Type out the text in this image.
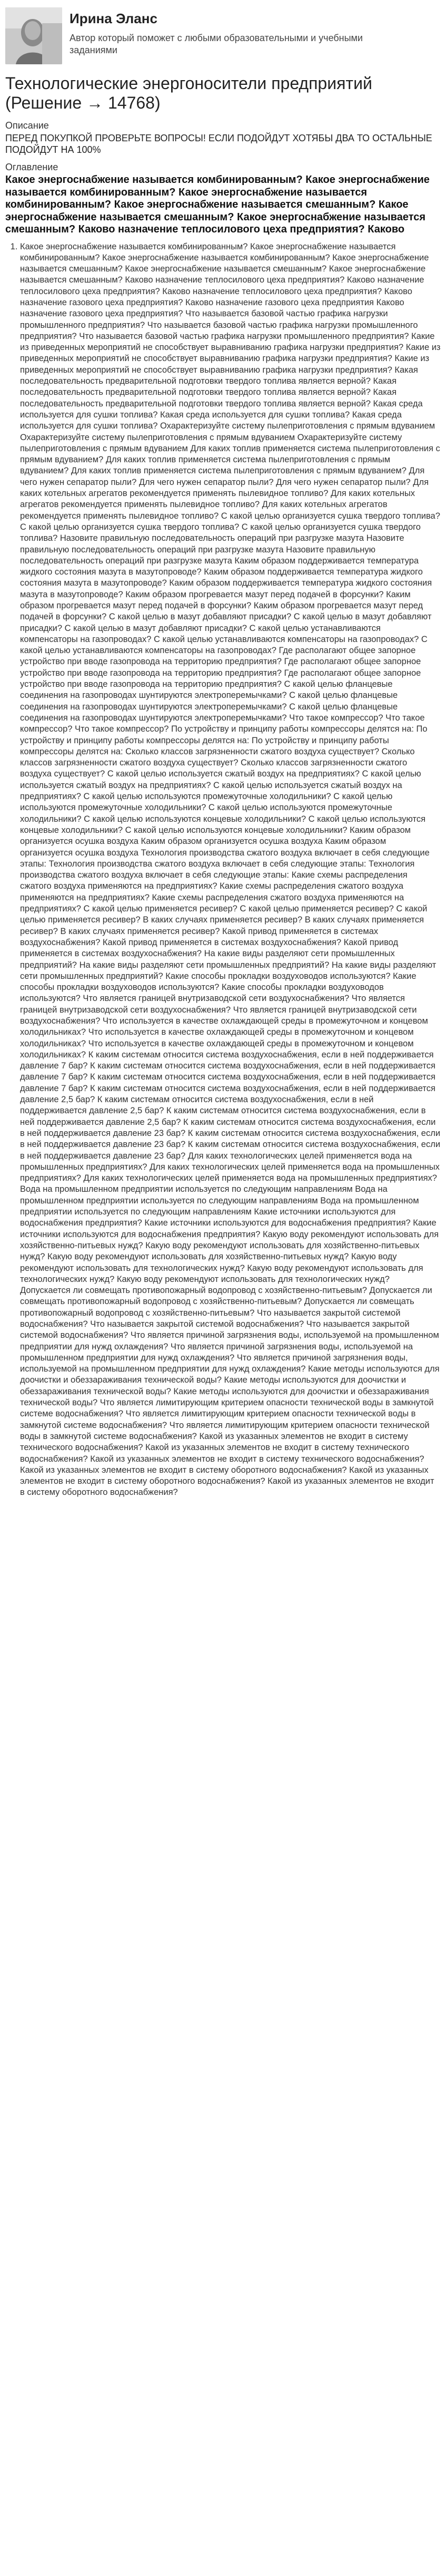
Ирина Эланс
Автор который поможет с любыми образовательными и учебными заданиями
Технологические энергоносители предприятий (Решение → 14768)
Описание
ПЕРЕД ПОКУПКОЙ ПРОВЕРЬТЕ ВОПРОСЫ! ЕСЛИ ПОДОЙДУТ ХОТЯБЫ ДВА ТО ОСТАЛЬНЫЕ ПОДОЙДУТ НА 100%
Оглавление
Какое энергоснабжение называется комбинированным? Какое энергоснабжение называется комбинированным? Какое энергоснабжение называется комбинированным? Какое энергоснабжение называется смешанным? Какое энергоснабжение называется смешанным? Какое энергоснабжение называется смешанным? Каково назначение теплосилового цеха предприятия? Каково
1. Какое энергоснабжение называется комбинированным? Какое энергоснабжение называется комбинированным? Какое энергоснабжение называется комбинированным? Какое энергоснабжение называется смешанным? Какое энергоснабжение называется смешанным? Какое энергоснабжение называется смешанным? Каково назначение теплосилового цеха предприятия? Каково назначение теплосилового цеха предприятия? Каково назначение теплосилового цеха предприятия? Каково назначение газового цеха предприятия? Каково назначение газового цеха предприятия Каково назначение газового цеха предприятия? Что называется базовой частью графика нагрузки промышленного предприятия? Что называется базовой частью графика нагрузки промышленного предприятия? Что называется базовой частью графика нагрузки промышленного предприятия? Какие из приведенных мероприятий не способствует выравниванию графика нагрузки предприятия? Какие из приведенных мероприятий не способствует выравниванию графика нагрузки предприятия? Какие из приведенных мероприятий не способствует выравниванию графика нагрузки предприятия? Какая последовательность предварительной подготовки твердого топлива является верной? Какая последовательность предварительной подготовки твердого топлива является верной? Какая последовательность предварительной подготовки твердого топлива является верной? Какая среда используется для сушки топлива? Какая среда используется для сушки топлива? Какая среда используется для сушки топлива? Охарактеризуйте систему пылеприготовления с прямым вдуванием Охарактеризуйте систему пылеприготовления с прямым вдуванием Охарактеризуйте систему пылеприготовления с прямым вдуванием Для каких топлив применяется система пылеприготовления с прямым вдуванием? Для каких топлив применяется система пылеприготовления с прямым вдуванием? Для каких топлив применяется система пылеприготовления с прямым вдуванием? Для чего нужен сепаратор пыли? Для чего нужен сепаратор пыли? Для чего нужен сепаратор пыли? Для каких котельных агрегатов рекомендуется применять пылевидное топливо? Для каких котельных агрегатов рекомендуется применять пылевидное топливо? Для каких котельных агрегатов рекомендуется применять пылевидное топливо? С какой целью организуется сушка твердого топлива? С какой целью организуется сушка твердого топлива? С какой целью организуется сушка твердого топлива? Назовите правильную последовательность операций при разгрузке мазута Назовите правильную последовательность операций при разгрузке мазута Назовите правильную последовательность операций при разгрузке мазута Каким образом поддерживается температура жидкого состояния мазута в мазутопроводе? Каким образом поддерживается температура жидкого состояния мазута в мазутопроводе? Каким образом поддерживается температура жидкого состояния мазута в мазутопроводе? Каким образом прогревается мазут перед подачей в форсунки? Каким образом прогревается мазут перед подачей в форсунки? Каким образом прогревается мазут перед подачей в форсунки? С какой целью в мазут добавляют присадки? С какой целью в мазут добавляют присадки? С какой целью в мазут добавляют присадки? С какой целью устанавливаются компенсаторы на газопроводах? С какой целью устанавливаются компенсаторы на газопроводах? С какой целью устанавливаются компенсаторы на газопроводах? Где располагают общее запорное устройство при вводе газопровода на территорию предприятия? Где располагают общее запорное устройство при вводе газопровода на территорию предприятия? Где располагают общее запорное устройство при вводе газопровода на территорию предприятия? С какой целью фланцевые соединения на газопроводах шунтируются электроперемычками? С какой целью фланцевые соединения на газопроводах шунтируются электроперемычками? С какой целью фланцевые соединения на газопроводах шунтируются электроперемычками? Что такое компрессор? Что такое компрессор? Что такое компрессор? По устройству и принципу работы компрессоры делятся на: По устройству и принципу работы компрессоры делятся на: По устройству и принципу работы компрессоры делятся на: Сколько классов загрязненности сжатого воздуха существует? Сколько классов загрязненности сжатого воздуха существует? Сколько классов загрязненности сжатого воздуха существует? С какой целью используется сжатый воздух на предприятиях? С какой целью используется сжатый воздух на предприятиях? С какой целью используется сжатый воздух на предприятиях? С какой целью используются промежуточные холодильники? С какой целью используются промежуточные холодильники? С какой целью используются промежуточные холодильники? С какой целью используются концевые холодильники? С какой целью используются концевые холодильники? С какой целью используются концевые холодильники? Каким образом организуется осушка воздуха Каким образом организуется осушка воздуха Каким образом организуется осушка воздуха Технология производства сжатого воздуха включает в себя следующие этапы: Технология производства сжатого воздуха включает в себя следующие этапы: Технология производства сжатого воздуха включает в себя следующие этапы: Какие схемы распределения сжатого воздуха применяются на предприятиях? Какие схемы распределения сжатого воздуха применяются на предприятиях? Какие схемы распределения сжатого воздуха применяются на предприятиях? С какой целью применяется ресивер? С какой целью применяется ресивер? С какой целью применяется ресивер? В каких случаях применяется ресивер? В каких случаях применяется ресивер? В каких случаях применяется ресивер? Какой привод применяется в системах воздухоснабжения? Какой привод применяется в системах воздухоснабжения? Какой привод применяется в системах воздухоснабжения? На какие виды разделяют сети промышленных предприятий? На какие виды разделяют сети промышленных предприятий? На какие виды разделяют сети промышленных предприятий? Какие способы прокладки воздуховодов используются? Какие способы прокладки воздуховодов используются? Какие способы прокладки воздуховодов используются? Что является границей внутризаводской сети воздухоснабжения? Что является границей внутризаводской сети воздухоснабжения? Что является границей внутризаводской сети воздухоснабжения? Что используется в качестве охлаждающей среды в промежуточном и концевом холодильниках? Что используется в качестве охлаждающей среды в промежуточном и концевом холодильниках? Что используется в качестве охлаждающей среды в промежуточном и концевом холодильниках? К каким системам относится система воздухоснабжения, если в ней поддерживается давление 7 бар? К каким системам относится система воздухоснабжения, если в ней поддерживается давление 7 бар? К каким системам относится система воздухоснабжения, если в ней поддерживается давление 7 бар? К каким системам относится система воздухоснабжения, если в ней поддерживается давление 2,5 бар? К каким системам относится система воздухоснабжения, если в ней поддерживается давление 2,5 бар? К каким системам относится система воздухоснабжения, если в ней поддерживается давление 2,5 бар? К каким системам относится система воздухоснабжения, если в ней поддерживается давление 23 бар? К каким системам относится система воздухоснабжения, если в ней поддерживается давление 23 бар? К каким системам относится система воздухоснабжения, если в ней поддерживается давление 23 бар? Для каких технологических целей применяется вода на промышленных предприятиях? Для каких технологических целей применяется вода на промышленных предприятиях? Для каких технологических целей применяется вода на промышленных предприятиях? Вода на промышленном предприятии используется по следующим направлениям Вода на промышленном предприятии используется по следующим направлениям Вода на промышленном предприятии используется по следующим направлениям Какие источники используются для водоснабжения предприятия? Какие источники используются для водоснабжения предприятия? Какие источники используются для водоснабжения предприятия? Какую воду рекомендуют использовать для хозяйственно-питьевых нужд? Какую воду рекомендуют использовать для хозяйственно-питьевых нужд? Какую воду рекомендуют использовать для хозяйственно-питьевых нужд? Какую воду рекомендуют использовать для технологических нужд? Какую воду рекомендуют использовать для технологических нужд? Какую воду рекомендуют использовать для технологических нужд? Допускается ли совмещать противопожарный водопровод с хозяйственно-питьевым? Допускается ли совмещать противопожарный водопровод с хозяйственно-питьевым? Допускается ли совмещать противопожарный водопровод с хозяйственно-питьевым? Что называется закрытой системой водоснабжения? Что называется закрытой системой водоснабжения? Что называется закрытой системой водоснабжения? Что является причиной загрязнения воды, используемой на промышленном предприятии для нужд охлаждения? Что является причиной загрязнения воды, используемой на промышленном предприятии для нужд охлаждения? Что является причиной загрязнения воды, используемой на промышленном предприятии для нужд охлаждения? Какие методы используются для доочистки и обеззараживания технической воды? Какие методы используются для доочистки и обеззараживания технической воды? Какие методы используются для доочистки и обеззараживания технической воды? Что является лимитирующим критерием опасности технической воды в замкнутой системе водоснабжения? Что является лимитирующим критерием опасности технической воды в замкнутой системе водоснабжения? Что является лимитирующим критерием опасности технической воды в замкнутой системе водоснабжения? Какой из указанных элементов не входит в систему технического водоснабжения? Какой из указанных элементов не входит в систему технического водоснабжения? Какой из указанных элементов не входит в систему технического водоснабжения? Какой из указанных элементов не входит в систему оборотного водоснабжения? Какой из указанных элементов не входит в систему оборотного водоснабжения? Какой из указанных элементов не входит в систему оборотного водоснабжения?
